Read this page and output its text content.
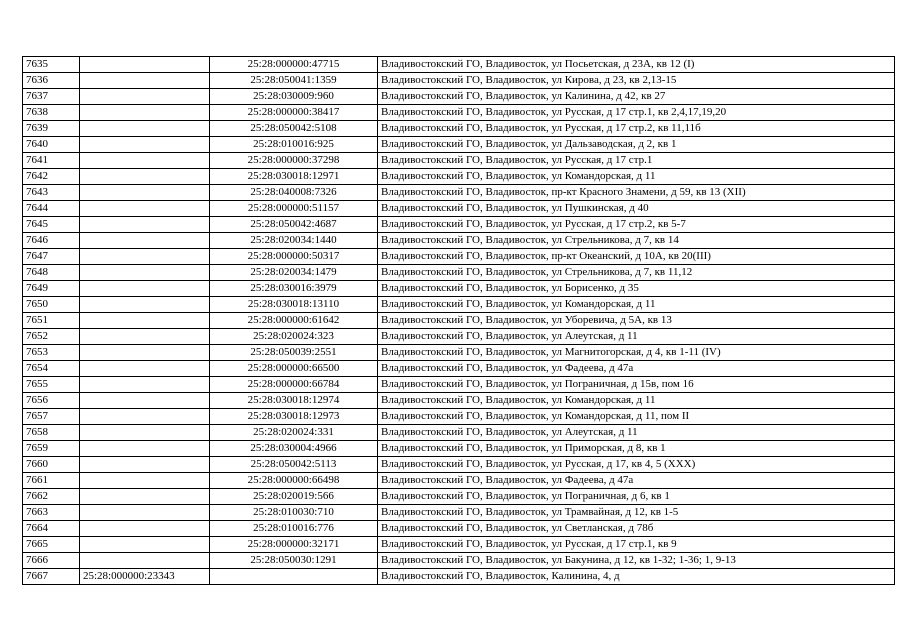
7635		25:28:000000:47715	Владивостокский ГО, Владивосток, ул Посьетская, д 23А, кв 12 (I)
7636		25:28:050041:1359	Владивостокский ГО, Владивосток, ул Кирова, д 23, кв 2,13-15
7637		25:28:030009:960	Владивостокский ГО, Владивосток, ул Калинина, д 42, кв 27
7638		25:28:000000:38417	Владивостокский ГО, Владивосток, ул Русская, д 17 стр.1, кв 2,4,17,19,20
7639		25:28:050042:5108	Владивостокский ГО, Владивосток, ул Русская, д 17 стр.2, кв 11,11б
7640		25:28:010016:925	Владивостокский ГО, Владивосток, ул Дальзаводская, д 2, кв 1
7641		25:28:000000:37298	Владивостокский ГО, Владивосток, ул Русская, д 17 стр.1
7642		25:28:030018:12971	Владивостокский ГО, Владивосток, ул Командорская, д 11
7643		25:28:040008:7326	Владивостокский ГО, Владивосток, пр-кт Красного Знамени, д 59, кв 13 (XII)
7644		25:28:000000:51157	Владивостокский ГО, Владивосток, ул Пушкинская, д 40
7645		25:28:050042:4687	Владивостокский ГО, Владивосток, ул Русская, д 17 стр.2, кв 5-7
7646		25:28:020034:1440	Владивостокский ГО, Владивосток, ул Стрельникова, д 7, кв 14
7647		25:28:000000:50317	Владивостокский ГО, Владивосток, пр-кт Океанский, д 10А, кв 20(III)
7648		25:28:020034:1479	Владивостокский ГО, Владивосток, ул Стрельникова, д 7, кв 11,12
7649		25:28:030016:3979	Владивостокский ГО, Владивосток, ул Борисенко, д 35
7650		25:28:030018:13110	Владивостокский ГО, Владивосток, ул Командорская, д 11
7651		25:28:000000:61642	Владивостокский ГО, Владивосток, ул Уборевича, д 5А, кв 13
7652		25:28:020024:323	Владивостокский ГО, Владивосток, ул Алеутская, д 11
7653		25:28:050039:2551	Владивостокский ГО, Владивосток, ул Магнитогорская, д 4, кв 1-11 (IV)
7654		25:28:000000:66500	Владивостокский ГО, Владивосток, ул Фадеева, д 47а
7655		25:28:000000:66784	Владивостокский ГО, Владивосток, ул Пограничная, д 15в, пом 16
7656		25:28:030018:12974	Владивостокский ГО, Владивосток, ул Командорская, д 11
7657		25:28:030018:12973	Владивостокский ГО, Владивосток, ул Командорская, д 11, пом II
7658		25:28:020024:331	Владивостокский ГО, Владивосток, ул Алеутская, д 11
7659		25:28:030004:4966	Владивостокский ГО, Владивосток, ул Приморская, д 8, кв 1
7660		25:28:050042:5113	Владивостокский ГО, Владивосток, ул Русская, д 17, кв 4, 5 (XXX)
7661		25:28:000000:66498	Владивостокский ГО, Владивосток, ул Фадеева, д 47а
7662		25:28:020019:566	Владивостокский ГО, Владивосток, ул Пограничная, д 6, кв 1
7663		25:28:010030:710	Владивостокский ГО, Владивосток, ул Трамвайная, д 12, кв 1-5
7664		25:28:010016:776	Владивостокский ГО, Владивосток, ул Светланская, д 78б
7665		25:28:000000:32171	Владивостокский ГО, Владивосток, ул Русская, д 17 стр.1, кв 9
7666		25:28:050030:1291	Владивостокский ГО, Владивосток, ул Бакунина, д 12, кв 1-32; 1-36; 1, 9-13
7667	25:28:000000:23343		Владивостокский ГО, Владивосток, Калинина, 4, д
